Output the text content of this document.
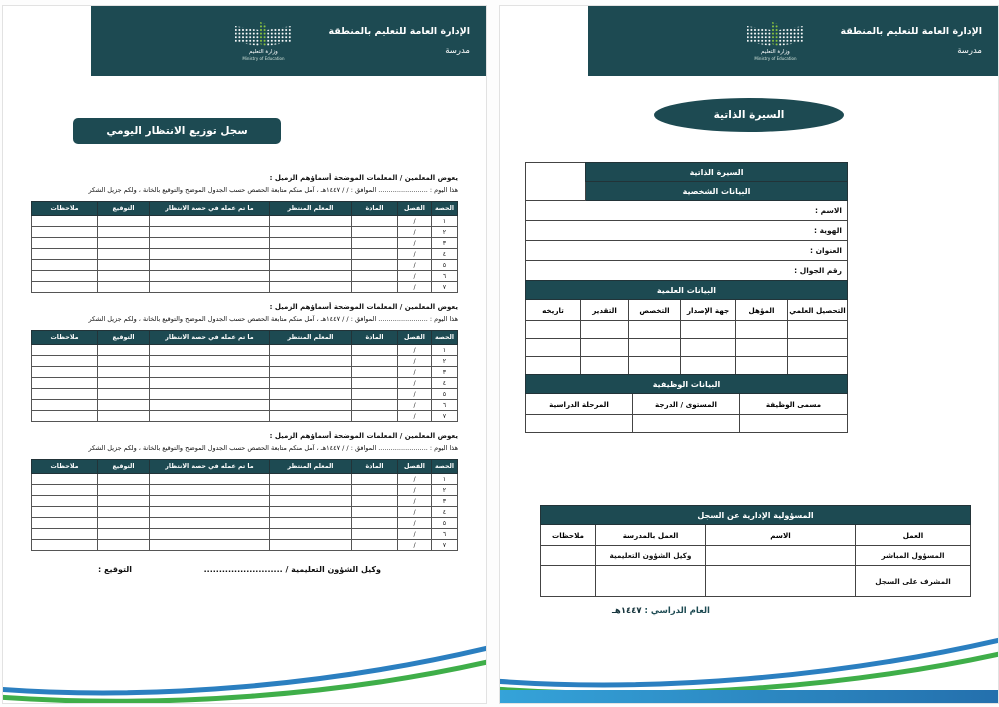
الإدارة العامة للتعليم بالمنطقة
مدرسة
وزارة التعليم
Ministry of Education
سجل توزيع الانتظار اليومي

يعوض المعلمين / المعلمات الموضحة أسماؤهم الزميل :

هذا اليوم : ........................ الموافق : / / ١٤٤٧هـ ، آمل منكم متابعة الحصص حسب الجدول الموضح والتوقيع بالخانة ، ولكم جزيل الشكر

الحصة	الفصل	المادة	المعلم المنتظر	ما تم عمله في حصة الانتظار	التوقيع	ملاحظات
١	/					
٢	/					
٣	/					
٤	/					
٥	/					
٦	/					
٧	/					

يعوض المعلمين / المعلمات الموضحة أسماؤهم الزميل :

هذا اليوم : ........................ الموافق : / / ١٤٤٧هـ ، آمل منكم متابعة الحصص حسب الجدول الموضح والتوقيع بالخانة ، ولكم جزيل الشكر

الحصة	الفصل	المادة	المعلم المنتظر	ما تم عمله في حصة الانتظار	التوقيع	ملاحظات
١	/					
٢	/					
٣	/					
٤	/					
٥	/					
٦	/					
٧	/					

يعوض المعلمين / المعلمات الموضحة أسماؤهم الزميل :

هذا اليوم : ........................ الموافق : / / ١٤٤٧هـ ، آمل منكم متابعة الحصص حسب الجدول الموضح والتوقيع بالخانة ، ولكم جزيل الشكر

الحصة	الفصل	المادة	المعلم المنتظر	ما تم عمله في حصة الانتظار	التوقيع	ملاحظات
١	/					
٢	/					
٣	/					
٤	/					
٥	/					
٦	/					
٧	/					
وكيل الشؤون التعليمية / ..........................
التوقيع :
الإدارة العامة للتعليم بالمنطقة
مدرسة
وزارة التعليم
Ministry of Education
السيرة الذاتية
السيرة الذاتية	
البيانات الشخصية
الاسم :
الهوية :
العنوان :
رقم الجوال :
البيانات العلمية					
التحصيل العلمي	المؤهل	جهة الإصدار	التخصص	التقدير	تاريخه

البيانات الوظيفية		
مسمى الوظيفة	المستوى / الدرجة	المرحلة الدراسية

المسؤولية الإدارية عن السجل			
العمل	الاسم	العمل بالمدرسة	ملاحظات
المسؤول المباشر		وكيل الشؤون التعليمية	
المشرف على السجل			
العام الدراسي : ١٤٤٧هـ
